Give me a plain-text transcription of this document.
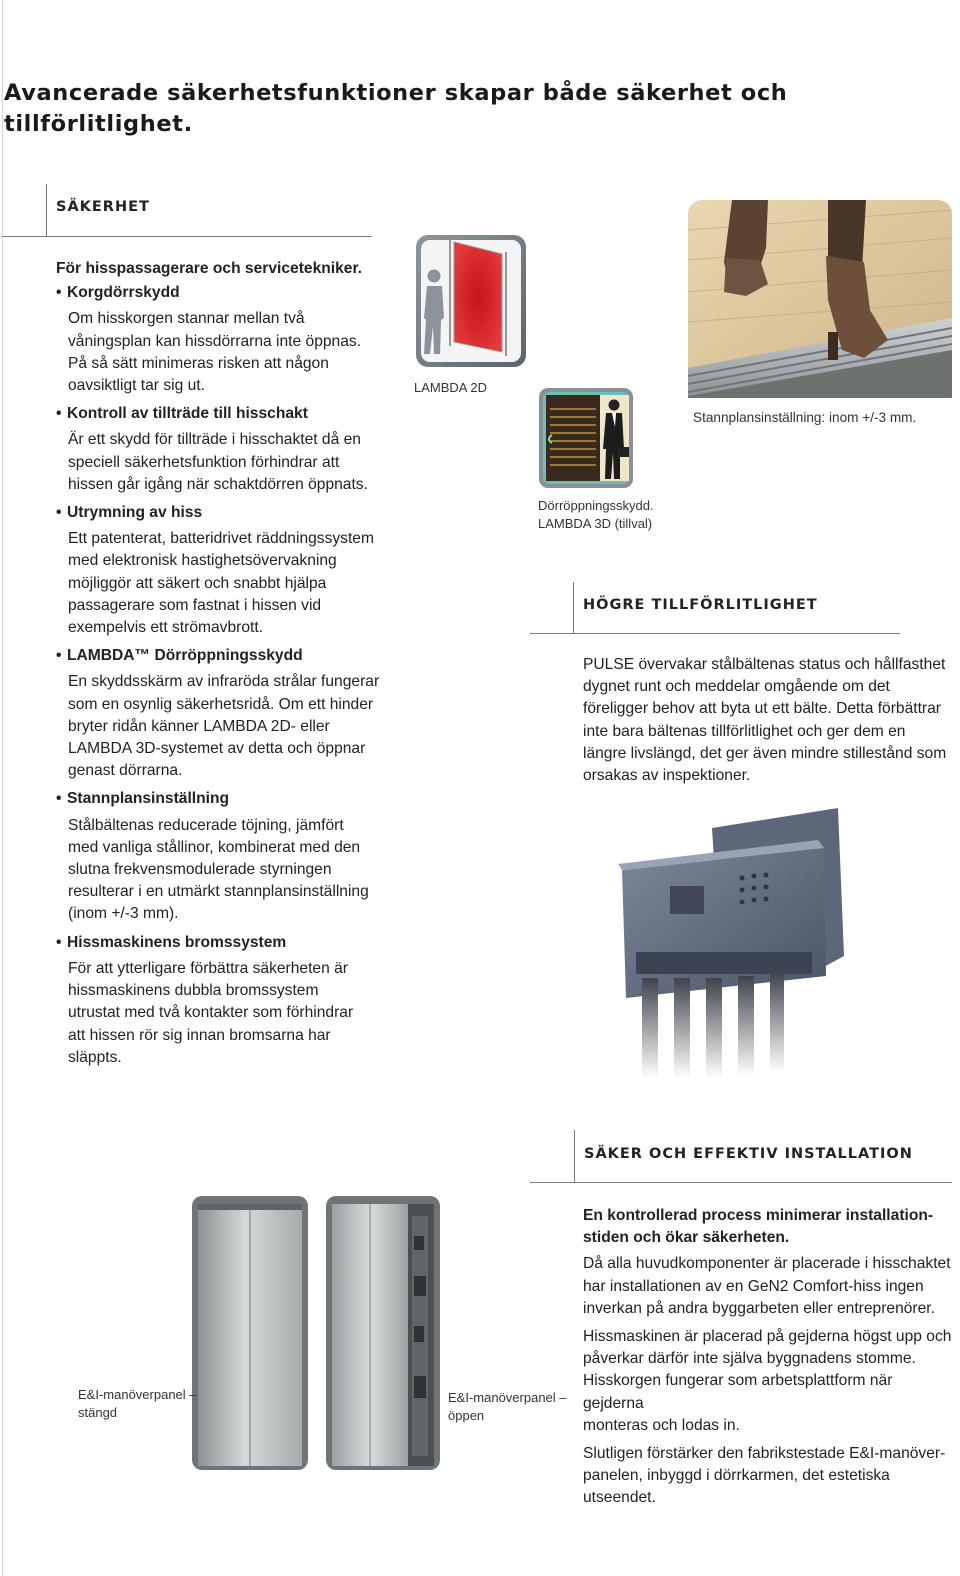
Avancerade säkerhetsfunktioner skapar både säkerhet och
tillförlitlighet.
SÄKERHET

För hisspassagerare och servicetekniker.

• Korgdörrskydd

Om hisskorgen stannar mellan två
våningsplan kan hissdörrarna inte öppnas.
På så sätt minimeras risken att någon
oavsiktligt tar sig ut.

• Kontroll av tillträde till hisschakt

Är ett skydd för tillträde i hisschaktet då en
speciell säkerhetsfunktion förhindrar att
hissen går igång när schaktdörren öppnats.

• Utrymning av hiss

Ett patenterat, batteridrivet räddningssystem
med elektronisk hastighetsövervakning
möjliggör att säkert och snabbt hjälpa
passagerare som fastnat i hissen vid
exempelvis ett strömavbrott.

• LAMBDA™ Dörröppningsskydd

En skyddsskärm av infraröda strålar fungerar
som en osynlig säkerhetsridå. Om ett hinder
bryter ridån känner LAMBDA 2D- eller
LAMBDA 3D-systemet av detta och öppnar
genast dörrarna.

• Stannplansinställning

Stålbältenas reducerade töjning, jämfört
med vanliga stållinor, kombinerat med den
slutna frekvensmodulerade styrningen
resulterar i en utmärkt stannplansinställning
(inom +/-3 mm).

• Hissmaskinens bromssystem

För att ytterligare förbättra säkerheten är
hissmaskinens dubbla bromssystem
utrustat med två kontakter som förhindrar
att hissen rör sig innan bromsarna har
släppts.

LAMBDA 2D
Dörröppningsskydd.
LAMBDA 3D (tillval)
Stannplansinställning: inom +/-3 mm.
HÖGRE TILLFÖRLITLIGHET

PULSE övervakar stålbältenas status och hållfasthet
dygnet runt och meddelar omgående om det
föreligger behov att byta ut ett bälte. Detta förbättrar
inte bara bältenas tillförlitlighet och ger dem en
längre livslängd, det ger även mindre stillestånd som
orsakas av inspektioner.

SÄKER OCH EFFEKTIV INSTALLATION
E&I-manöverpanel –
stängd
E&I-manöverpanel –
öppen

En kontrollerad process minimerar installation-
stiden och ökar säkerheten.

Då alla huvudkomponenter är placerade i hisschaktet
har installationen av en GeN2 Comfort-hiss ingen
inverkan på andra byggarbeten eller entreprenörer.

Hissmaskinen är placerad på gejderna högst upp och
påverkar därför inte själva byggnadens stomme.
Hisskorgen fungerar som arbetsplattform när gejderna
monteras och lodas in.

Slutligen förstärker den fabrikstestade E&I-manöver-
panelen, inbyggd i dörrkarmen, det estetiska
utseendet.
